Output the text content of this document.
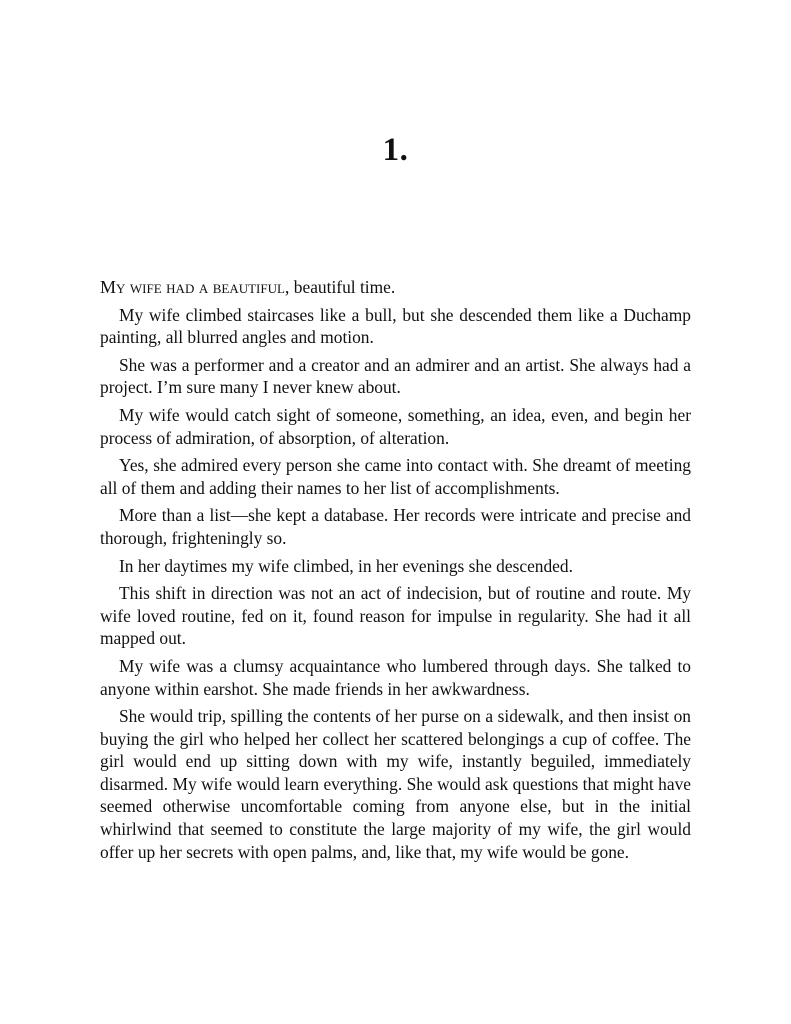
1.

My wife had a beautiful, beautiful time.

My wife climbed staircases like a bull, but she descended them like a Duchamp painting, all blurred angles and motion.

She was a performer and a creator and an admirer and an artist. She always had a project. I’m sure many I never knew about.

My wife would catch sight of someone, something, an idea, even, and begin her process of admiration, of absorption, of alteration.

Yes, she admired every person she came into contact with. She dreamt of meeting all of them and adding their names to her list of accomplishments.

More than a list—she kept a database. Her records were intricate and precise and thorough, frighteningly so.

In her daytimes my wife climbed, in her evenings she descended.

This shift in direction was not an act of indecision, but of routine and route. My wife loved routine, fed on it, found reason for impulse in regularity. She had it all mapped out.

My wife was a clumsy acquaintance who lumbered through days. She talked to anyone within earshot. She made friends in her awkwardness.

She would trip, spilling the contents of her purse on a sidewalk, and then insist on buying the girl who helped her collect her scattered belongings a cup of coffee. The girl would end up sitting down with my wife, instantly beguiled, immediately disarmed. My wife would learn everything. She would ask questions that might have seemed otherwise uncomfortable coming from anyone else, but in the initial whirlwind that seemed to constitute the large majority of my wife, the girl would offer up her secrets with open palms, and, like that, my wife would be gone.
